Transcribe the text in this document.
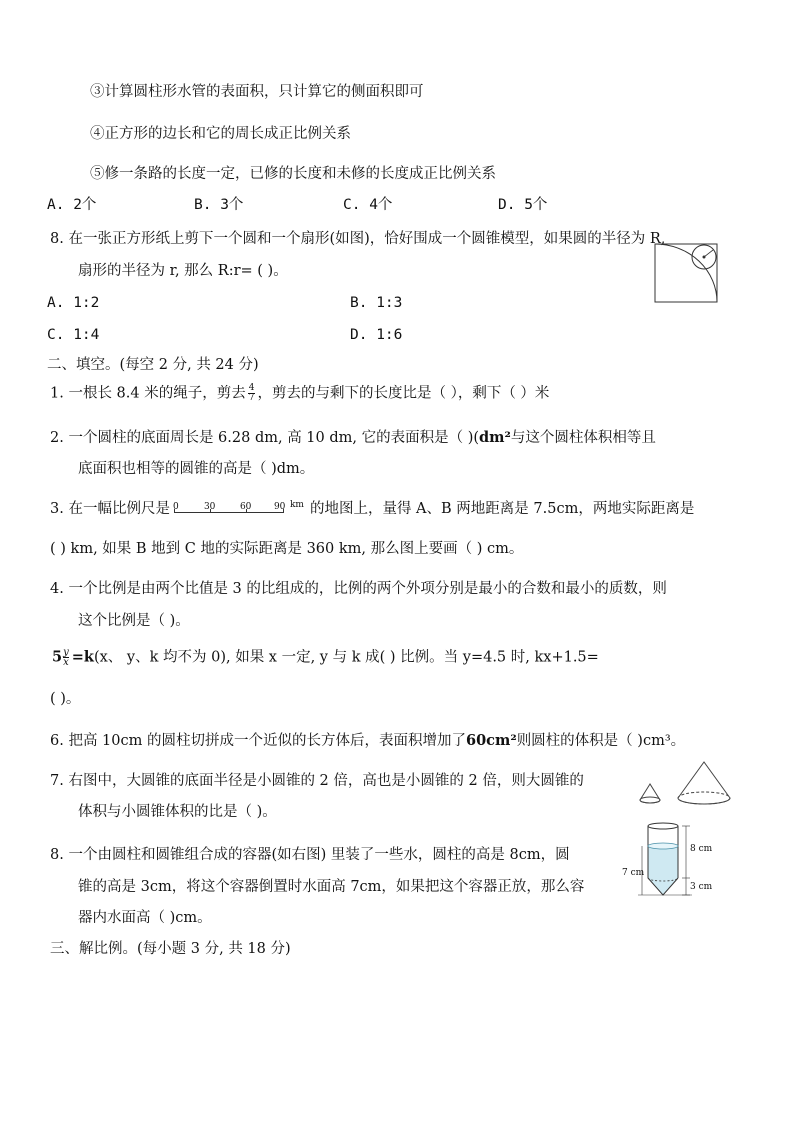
③计算圆柱形水管的表面积，只计算它的侧面积即可
④正方形的边长和它的周长成正比例关系
⑤修一条路的长度一定，已修的长度和未修的长度成正比例关系
A. 2个	B. 3个	C. 4个	D. 5个
8. 在一张正方形纸上剪下一个圆和一个扇形(如图)，恰好围成一个圆锥模型，如果圆的半径为 R,
扇形的半径为 r, 那么 R:r= ( )。
A. 1:2	B. 1:3
C. 1:4	D. 1:6
二、填空。(每空 2 分, 共 24 分)
1. 一根长 8.4 米的绳子，剪去 $\frac{4}{7}$ ，剪去的与剩下的长度比是（ ），剩下（ ）米
2. 一个圆柱的底面周长是 6.28 dm, 高 10 dm, 它的表面积是（ )(dm²与这个圆柱体积相等且
底面积也相等的圆锥的高是（ )dm。
3. 在一幅比例尺是 0	30	60	90 km 的地图上，量得 A、B 两地距离是 7.5cm，两地实际距离是
( ) km, 如果 B 地到 C 地的实际距离是 360 km, 那么图上要画（ ) cm。
4. 一个比例是由两个比值是 3 的比组成的，比例的两个外项分别是最小的合数和最小的质数，则
这个比例是（ )。
$5 \frac{y}{x} =k(x$、 y、k 均不为 0), 如果 x 一定, y 与 k 成( ) 比例。当 y=4.5 时, kx+1.5=
( )。
6. 把高 10cm 的圆柱切拼成一个近似的长方体后，表面积增加了60cm²则圆柱的体积是（ )cm³。
7. 右图中，大圆锥的底面半径是小圆锥的 2 倍，高也是小圆锥的 2 倍，则大圆锥的
体积与小圆锥体积的比是（ )。
8. 一个由圆柱和圆锥组合成的容器(如右图) 里装了一些水，圆柱的高是 8cm，圆
锥的高是 3cm，将这个容器倒置时水面高 7cm，如果把这个容器正放，那么容
器内水面高（ )cm。
8 cm
7 cm
3 cm
三、解比例。(每小题 3 分, 共 18 分)
